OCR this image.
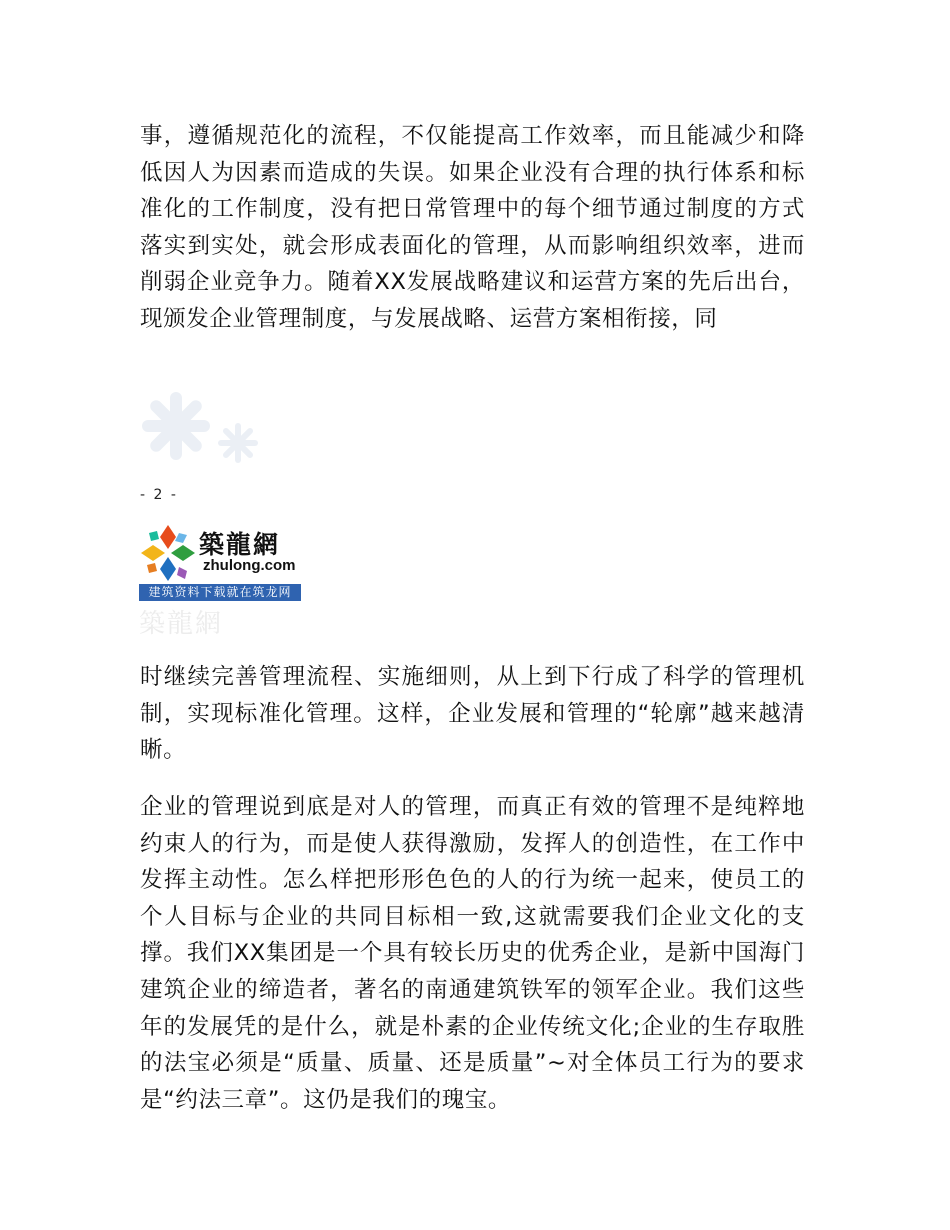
事，遵循规范化的流程，不仅能提高工作效率，而且能减少和降低因人为因素而造成的失误。如果企业没有合理的执行体系和标准化的工作制度，没有把日常管理中的每个细节通过制度的方式落实到实处，就会形成表面化的管理，从而影响组织效率，进而削弱企业竞争力。随着XX发展战略建议和运营方案的先后出台，现颁发企业管理制度，与发展战略、运营方案相衔接，同

- 2 -
築龍網
zhulong.com
建筑资料下载就在筑龙网
築龍網

时继续完善管理流程、实施细则，从上到下行成了科学的管理机制，实现标准化管理。这样，企业发展和管理的“轮廓”越来越清晰。

企业的管理说到底是对人的管理，而真正有效的管理不是纯粹地约束人的行为，而是使人获得激励，发挥人的创造性，在工作中发挥主动性。怎么样把形形色色的人的行为统一起来，使员工的个人目标与企业的共同目标相一致,这就需要我们企业文化的支撑。我们XX集团是一个具有较长历史的优秀企业，是新中国海门建筑企业的缔造者，著名的南通建筑铁军的领军企业。我们这些年的发展凭的是什么，就是朴素的企业传统文化;企业的生存取胜的法宝必须是“质量、质量、还是质量”~对全体员工行为的要求是“约法三章”。这仍是我们的瑰宝。
